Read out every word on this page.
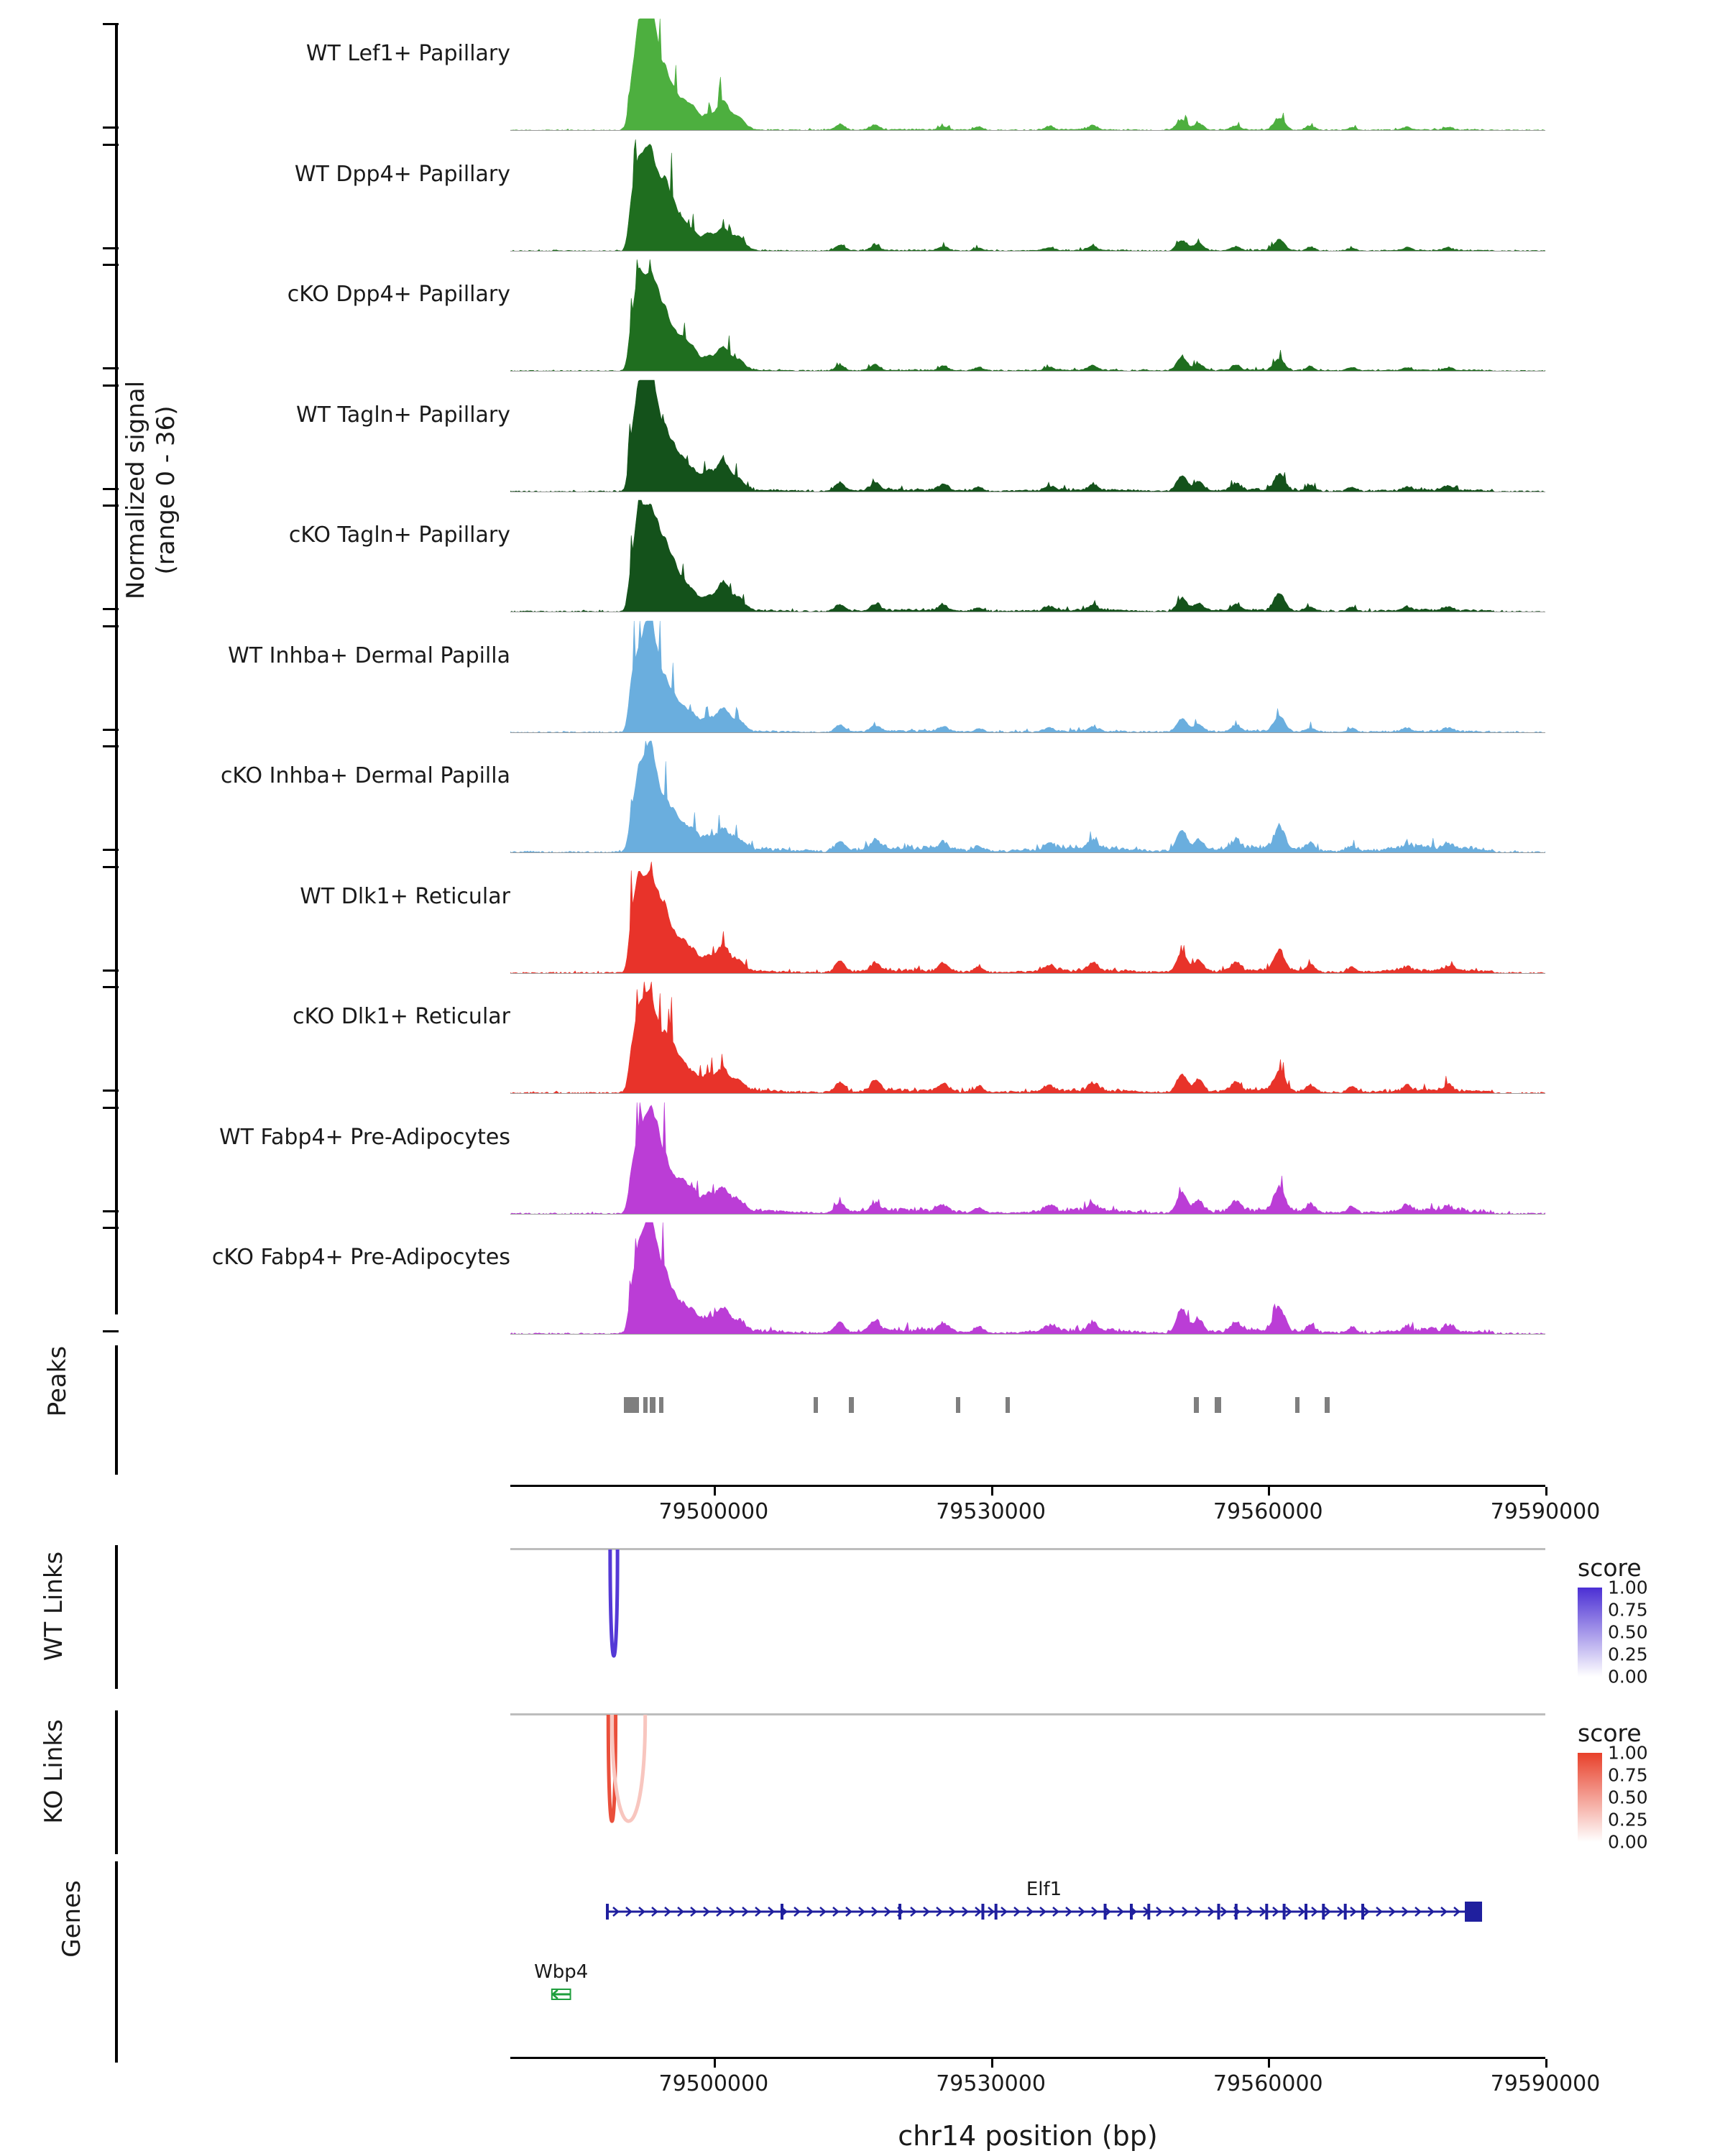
Normalized signal (range 0 - 36)
WT Lef1+ Papillary
WT Dpp4+ Papillary
cKO Dpp4+ Papillary
WT Tagln+ Papillary
cKO Tagln+ Papillary
WT Inhba+ Dermal Papilla
cKO Inhba+ Dermal Papilla
WT Dlk1+ Reticular
cKO Dlk1+ Reticular
WT Fabp4+ Pre-Adipocytes
cKO Fabp4+ Pre-Adipocytes
Peaks
79500000	79530000	79560000	79590000
WT Links	score
1.00
0.75
0.50
0.25
0.00
KO Links	score
1.00
0.75
0.50
0.25
0.00
Genes	Elf1
Wbp4
79500000	79530000	79560000	79590000
chr14 position (bp)
